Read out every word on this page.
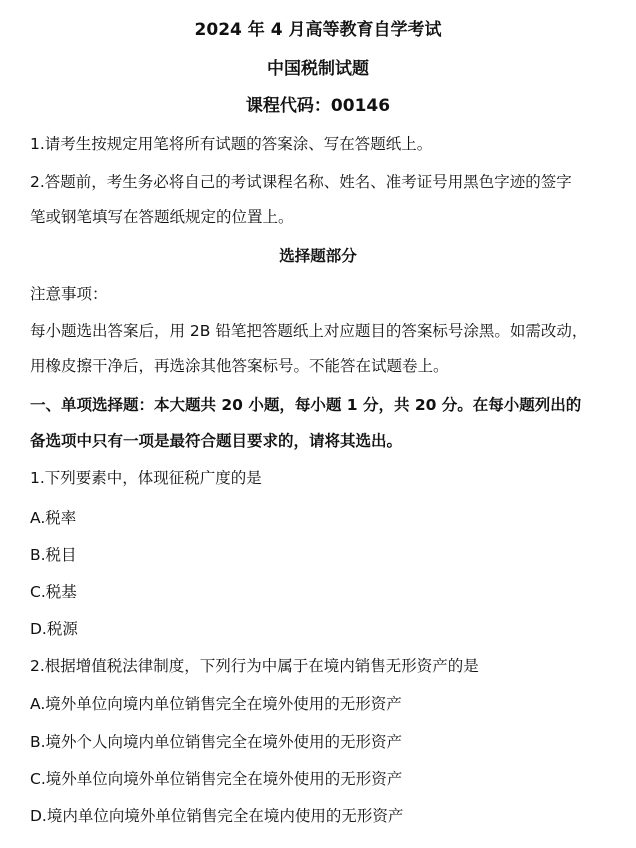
2024 年 4 月高等教育自学考试
中国税制试题
课程代码：00146
1.请考生按规定用笔将所有试题的答案涂、写在答题纸上。
2.答题前，考生务必将自己的考试课程名称、姓名、准考证号用黑色字迹的签字
笔或钢笔填写在答题纸规定的位置上。
选择题部分
注意事项：
每小题选出答案后，用 2B 铅笔把答题纸上对应题目的答案标号涂黑。如需改动，
用橡皮擦干净后，再选涂其他答案标号。不能答在试题卷上。
一、单项选择题：本大题共 20 小题，每小题 1 分，共 20 分。在每小题列出的
备选项中只有一项是最符合题目要求的，请将其选出。
1.下列要素中，体现征税广度的是
A.税率
B.税目
C.税基
D.税源
2.根据增值税法律制度，下列行为中属于在境内销售无形资产的是
A.境外单位向境内单位销售完全在境外使用的无形资产
B.境外个人向境内单位销售完全在境外使用的无形资产
C.境外单位向境外单位销售完全在境外使用的无形资产
D.境内单位向境外单位销售完全在境内使用的无形资产
